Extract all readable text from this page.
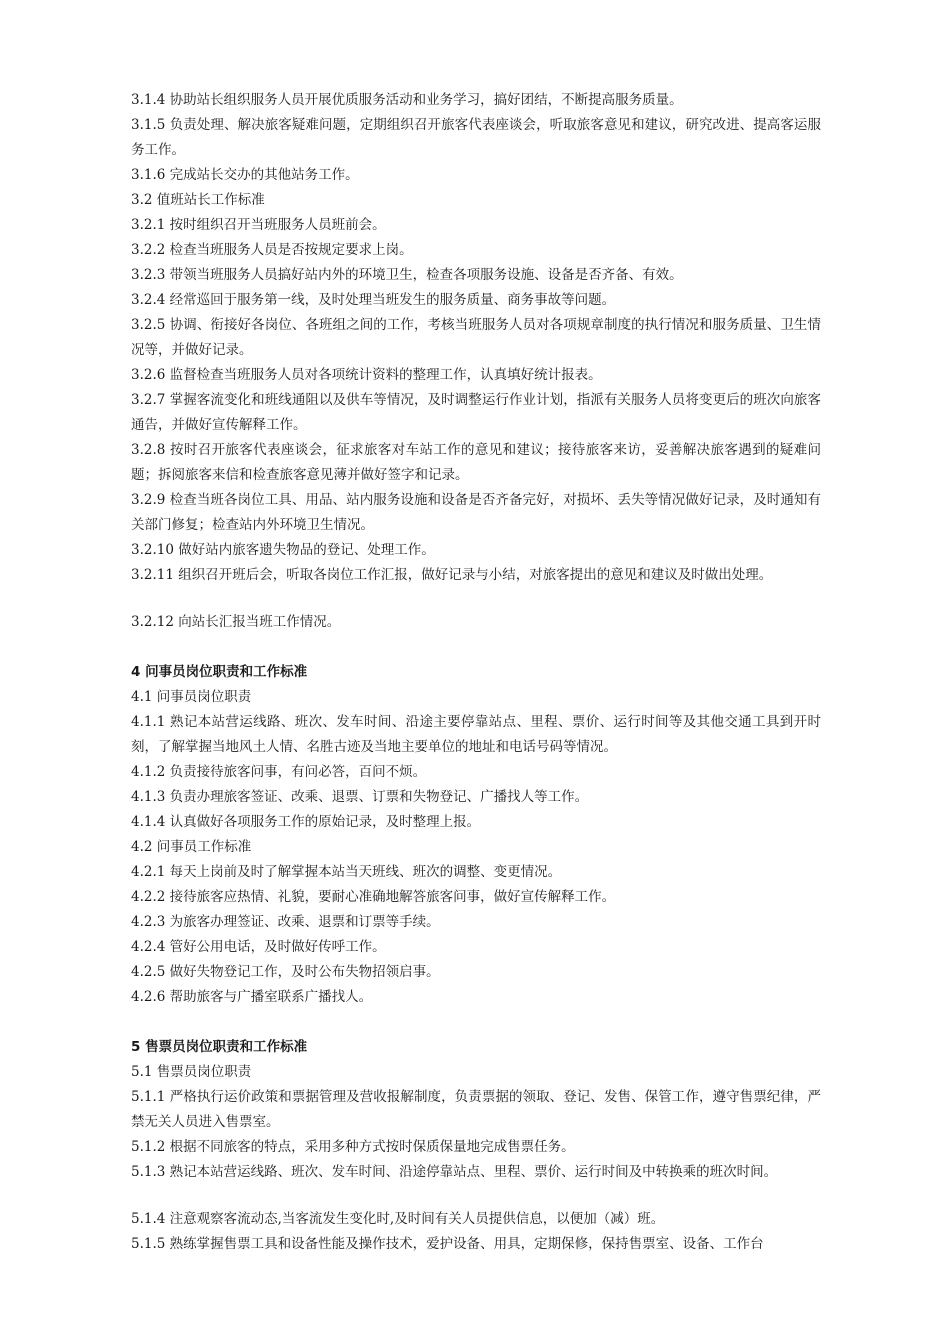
3.1.4 协助站长组织服务人员开展优质服务活动和业务学习，搞好团结，不断提高服务质量。

3.1.5 负责处理、解决旅客疑难问题，定期组织召开旅客代表座谈会，听取旅客意见和建议，研究改进、提高客运服务工作。

3.1.6 完成站长交办的其他站务工作。

3.2 值班站长工作标准

3.2.1 按时组织召开当班服务人员班前会。

3.2.2 检查当班服务人员是否按规定要求上岗。

3.2.3 带领当班服务人员搞好站内外的环境卫生，检查各项服务设施、设备是否齐备、有效。

3.2.4 经常巡回于服务第一线，及时处理当班发生的服务质量、商务事故等问题。

3.2.5 协调、衔接好各岗位、各班组之间的工作，考核当班服务人员对各项规章制度的执行情况和服务质量、卫生情况等，并做好记录。

3.2.6 监督检查当班服务人员对各项统计资料的整理工作，认真填好统计报表。

3.2.7 掌握客流变化和班线通阻以及供车等情况，及时调整运行作业计划，指派有关服务人员将变更后的班次向旅客通告，并做好宣传解释工作。

3.2.8 按时召开旅客代表座谈会，征求旅客对车站工作的意见和建议；接待旅客来访，妥善解决旅客遇到的疑难问题；拆阅旅客来信和检查旅客意见薄并做好签字和记录。

3.2.9 检查当班各岗位工具、用品、站内服务设施和设备是否齐备完好，对损坏、丢失等情况做好记录，及时通知有关部门修复；检查站内外环境卫生情况。

3.2.10 做好站内旅客遗失物品的登记、处理工作。

3.2.11 组织召开班后会，听取各岗位工作汇报，做好记录与小结，对旅客提出的意见和建议及时做出处理。

3.2.12 向站长汇报当班工作情况。

4 问事员岗位职责和工作标准

4.1 问事员岗位职责

4.1.1 熟记本站营运线路、班次、发车时间、沿途主要停靠站点、里程、票价、运行时间等及其他交通工具到开时刻，了解掌握当地风土人情、名胜古迹及当地主要单位的地址和电话号码等情况。

4.1.2 负责接待旅客问事，有问必答，百问不烦。

4.1.3 负责办理旅客签证、改乘、退票、订票和失物登记、广播找人等工作。

4.1.4 认真做好各项服务工作的原始记录，及时整理上报。

4.2 问事员工作标准

4.2.1 每天上岗前及时了解掌握本站当天班线、班次的调整、变更情况。

4.2.2 接待旅客应热情、礼貌，要耐心准确地解答旅客问事，做好宣传解释工作。

4.2.3 为旅客办理签证、改乘、退票和订票等手续。

4.2.4 管好公用电话，及时做好传呼工作。

4.2.5 做好失物登记工作，及时公布失物招领启事。

4.2.6 帮助旅客与广播室联系广播找人。

5 售票员岗位职责和工作标准

5.1 售票员岗位职责

5.1.1 严格执行运价政策和票据管理及营收报解制度，负责票据的领取、登记、发售、保管工作，遵守售票纪律，严禁无关人员进入售票室。

5.1.2 根据不同旅客的特点，采用多种方式按时保质保量地完成售票任务。

5.1.3 熟记本站营运线路、班次、发车时间、沿途停靠站点、里程、票价、运行时间及中转换乘的班次时间。

5.1.4 注意观察客流动态,当客流发生变化时,及时间有关人员提供信息，以便加（减）班。

5.1.5 熟练掌握售票工具和设备性能及操作技术，爱护设备、用具，定期保修，保持售票室、设备、工作台
